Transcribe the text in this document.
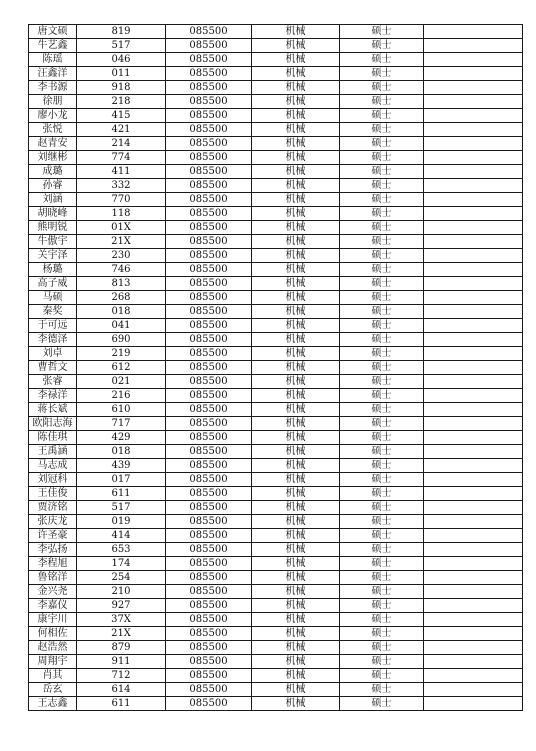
唐文硕	819	085500	机械	硕士	
牛艺鑫	517	085500	机械	硕士	
陈瑶	046	085500	机械	硕士	
汪鑫洋	011	085500	机械	硕士	
李书源	918	085500	机械	硕士	
徐朋	218	085500	机械	硕士	
廖小龙	415	085500	机械	硕士	
张悦	421	085500	机械	硕士	
赵青安	214	085500	机械	硕士	
刘继彬	774	085500	机械	硕士	
成璐	411	085500	机械	硕士	
孙睿	332	085500	机械	硕士	
刘涵	770	085500	机械	硕士	
胡晓峰	118	085500	机械	硕士	
熊明锐	01X	085500	机械	硕士	
牛傲宇	21X	085500	机械	硕士	
关宇泽	230	085500	机械	硕士	
杨璐	746	085500	机械	硕士	
高子威	813	085500	机械	硕士	
马硕	268	085500	机械	硕士	
秦奖	018	085500	机械	硕士	
于可远	041	085500	机械	硕士	
李德泽	690	085500	机械	硕士	
刘卓	219	085500	机械	硕士	
曹哲文	612	085500	机械	硕士	
张睿	021	085500	机械	硕士	
李禄洋	216	085500	机械	硕士	
蒋长斌	610	085500	机械	硕士	
欧阳志海	717	085500	机械	硕士	
陈佳琪	429	085500	机械	硕士	
王禹涵	018	085500	机械	硕士	
马志成	439	085500	机械	硕士	
刘冠科	017	085500	机械	硕士	
王佳俊	611	085500	机械	硕士	
贾济铭	517	085500	机械	硕士	
张庆龙	019	085500	机械	硕士	
许圣豪	414	085500	机械	硕士	
李弘扬	653	085500	机械	硕士	
李程旭	174	085500	机械	硕士	
鲁铭洋	254	085500	机械	硕士	
金兴尧	210	085500	机械	硕士	
李嘉仪	927	085500	机械	硕士	
康宇川	37X	085500	机械	硕士	
何相佐	21X	085500	机械	硕士	
赵浩然	879	085500	机械	硕士	
周翔宇	911	085500	机械	硕士	
肖其	712	085500	机械	硕士	
岳玄	614	085500	机械	硕士	
王志鑫	611	085500	机械	硕士	
